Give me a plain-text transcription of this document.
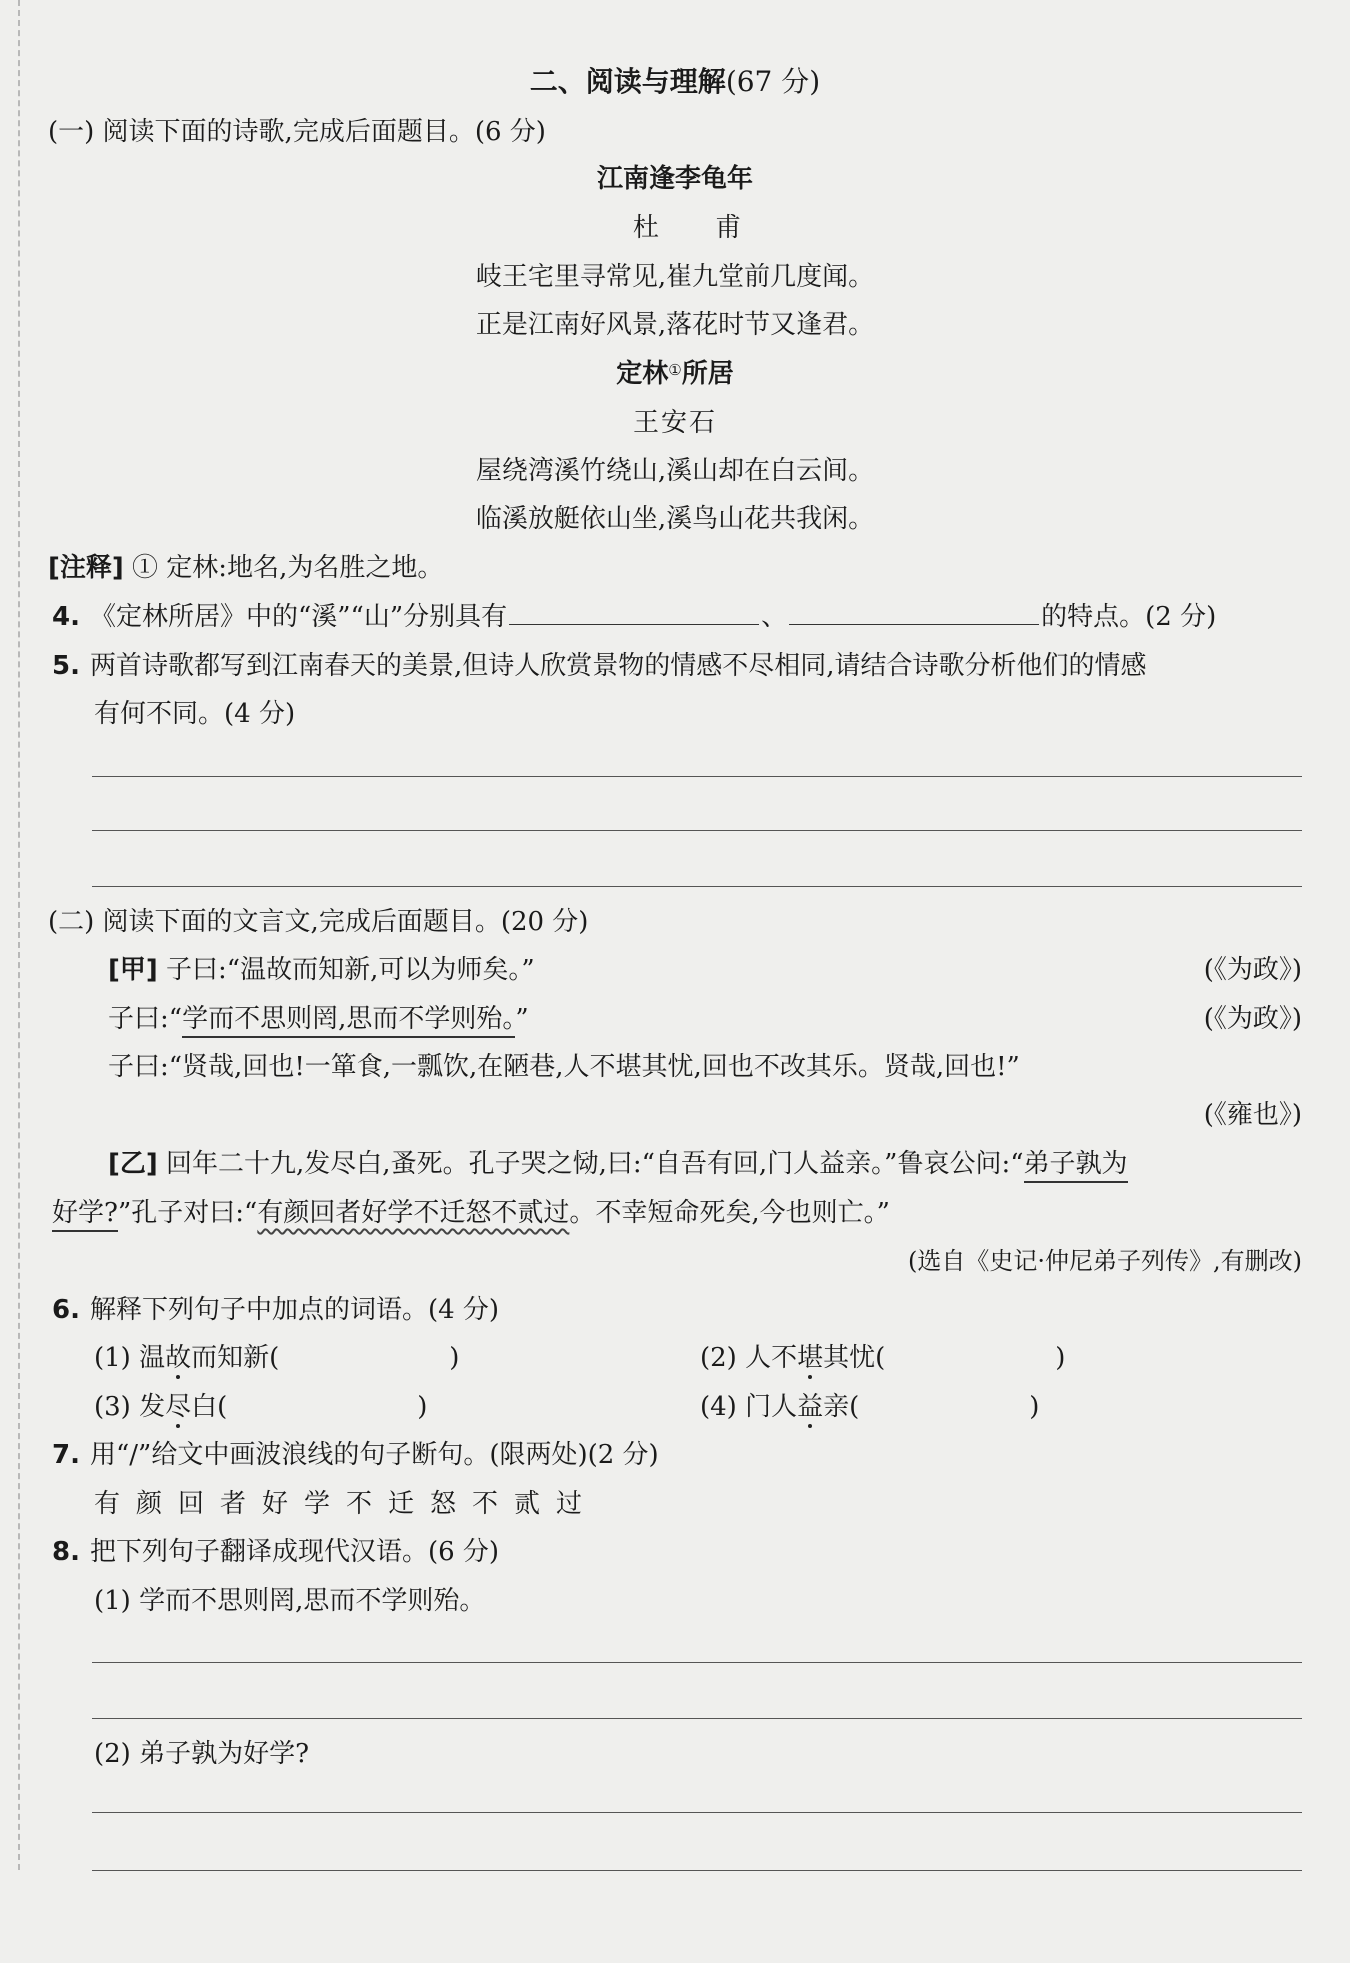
二、阅读与理解(67 分)
(一) 阅读下面的诗歌,完成后面题目。(6 分)
江南逢李龟年
杜 甫
岐王宅里寻常见,崔九堂前几度闻。
正是江南好风景,落花时节又逢君。
定林①所居
王安石
屋绕湾溪竹绕山,溪山却在白云间。
临溪放艇依山坐,溪鸟山花共我闲。
[注释] ① 定林:地名,为名胜之地。
4. 《定林所居》中的“溪”“山”分别具有	、	的特点。(2 分)
5. 两首诗歌都写到江南春天的美景,但诗人欣赏景物的情感不尽相同,请结合诗歌分析他们的情感
有何不同。(4 分)
(二) 阅读下面的文言文,完成后面题目。(20 分)
[甲] 子曰:“温故而知新,可以为师矣。”	(《为政》)
子曰:“学而不思则罔,思而不学则殆。”	(《为政》)
子曰:“贤哉,回也!一箪食,一瓢饮,在陋巷,人不堪其忧,回也不改其乐。贤哉,回也!”
(《雍也》)
[乙] 回年二十九,发尽白,蚤死。孔子哭之恸,曰:“自吾有回,门人益亲。”鲁哀公问:“弟子孰为
好学?”孔子对曰:“有颜回者好学不迁怒不贰过。不幸短命死矣,今也则亡。”
(选自《史记·仲尼弟子列传》,有删改)
6. 解释下列句子中加点的词语。(4 分)
(1) 温故而知新(	)	(2) 人不堪其忧(	)
(3) 发尽白(	)	(4) 门人益亲(	)
7. 用“/”给文中画波浪线的句子断句。(限两处)(2 分)
有颜回者好学不迁怒不贰过
8. 把下列句子翻译成现代汉语。(6 分)
(1) 学而不思则罔,思而不学则殆。
(2) 弟子孰为好学?
